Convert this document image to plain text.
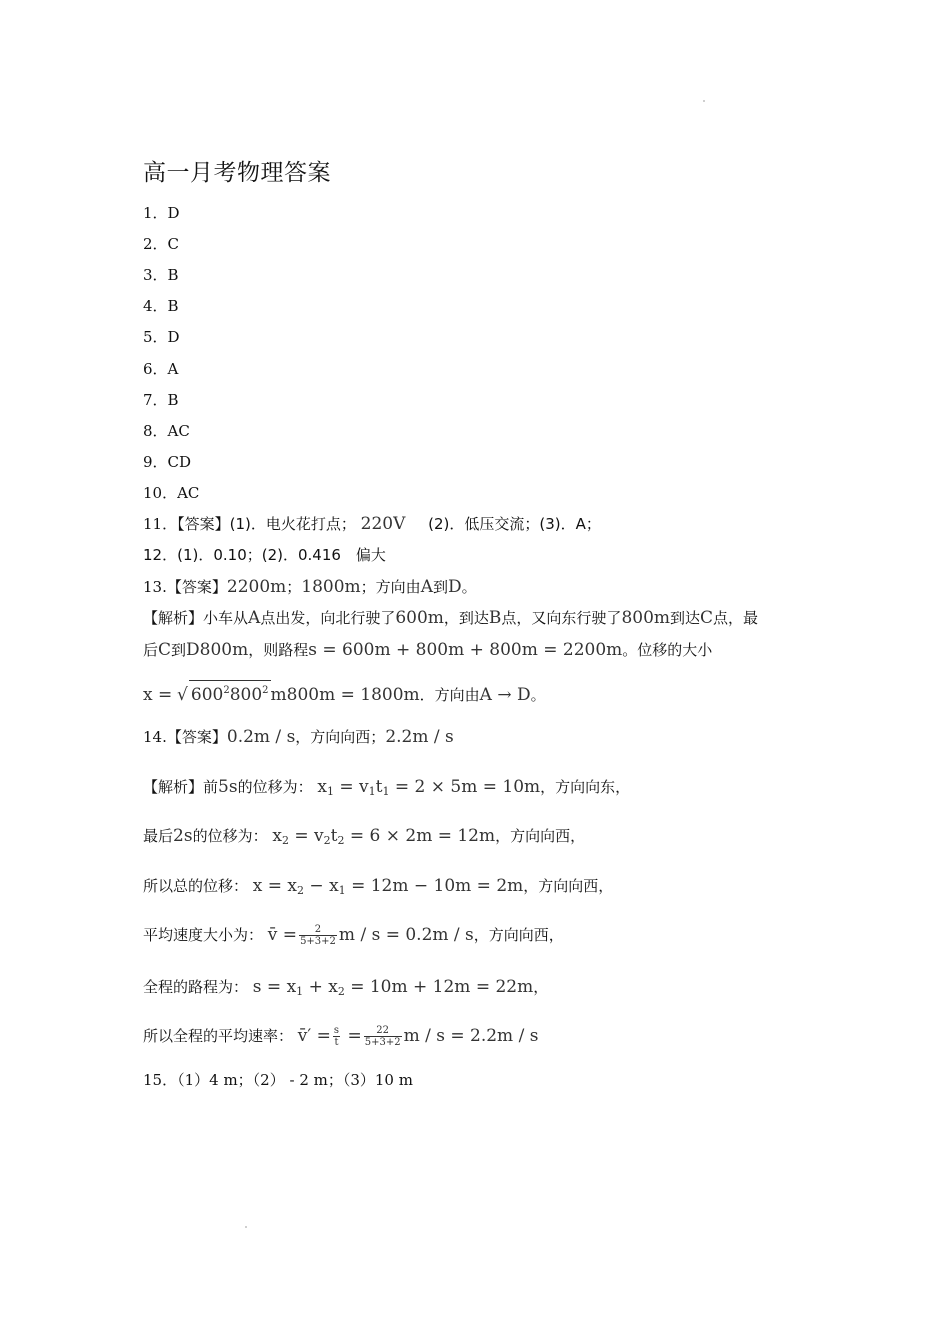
高一月考物理答案
1．D
2．C
3．B
4．B
5．D
6．A
7．B
8．AC
9．CD
10．AC
11．【答案】(1)．电火花打点； 220V (2)．低压交流；(3)．A；
12．(1)．0.10；(2)．0.416　偏大
13.【答案】2200m；1800m；方向由A到D。
【解析】小车从A点出发，向北行驶了600m，到达B点，又向东行驶了800m到达C点，最
后C到D800m，则路程s = 600m + 800m + 800m = 2200m。位移的大小
x = √ $600^2800^2$ m800m = 1800m．方向由A → D。
14.【答案】0.2m / s，方向向西；2.2m / s
【解析】前5s的位移为： x1 = v1t1 = 2 × 5m = 10m，方向向东，
最后2s的位移为： x2 = v2t2 = 6 × 2m = 12m，方向向西，
所以总的位移： x = x2 − x1 = 12m − 10m = 2m，方向向西，
平均速度大小为： v̄ = $\frac{2}{5+3+2}$ m / s = 0.2m / s，方向向西，
全程的路程为： s = x1 + x2 = 10m + 12m = 22m，
所以全程的平均速率： v̄′ = $\frac{s}{t} = \frac{22}{5+3+2}$ m / s = 2.2m / s
15．（1）4 m；（2） - 2 m；（3）10 m
